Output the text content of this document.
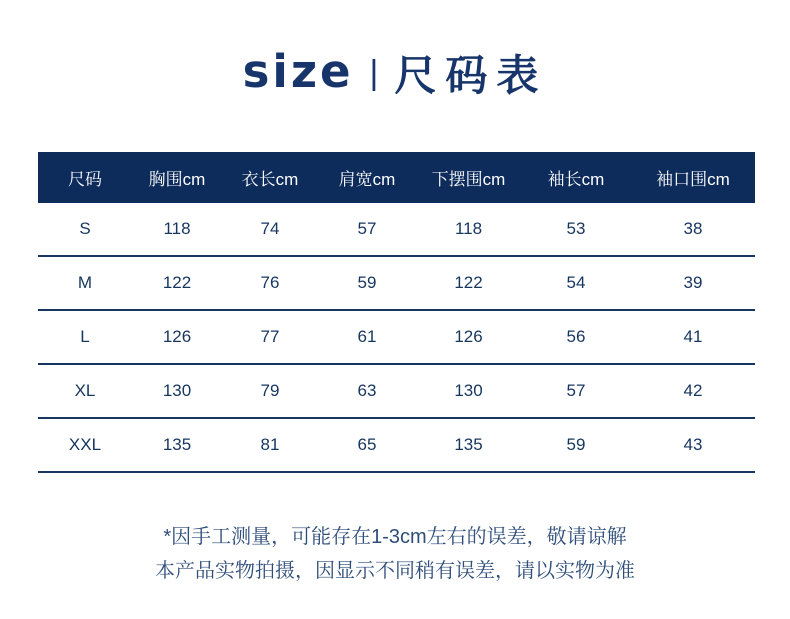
size | 尺码表
尺码	胸围cm	衣长cm	肩宽cm	下摆围cm	袖长cm	袖口围cm
S	118	74	57	118	53	38
M	122	76	59	122	54	39
L	126	77	61	126	56	41
XL	130	79	63	130	57	42
XXL	135	81	65	135	59	43
*因手工测量，可能存在1-3cm左右的误差，敬请谅解
本产品实物拍摄，因显示不同稍有误差，请以实物为准
